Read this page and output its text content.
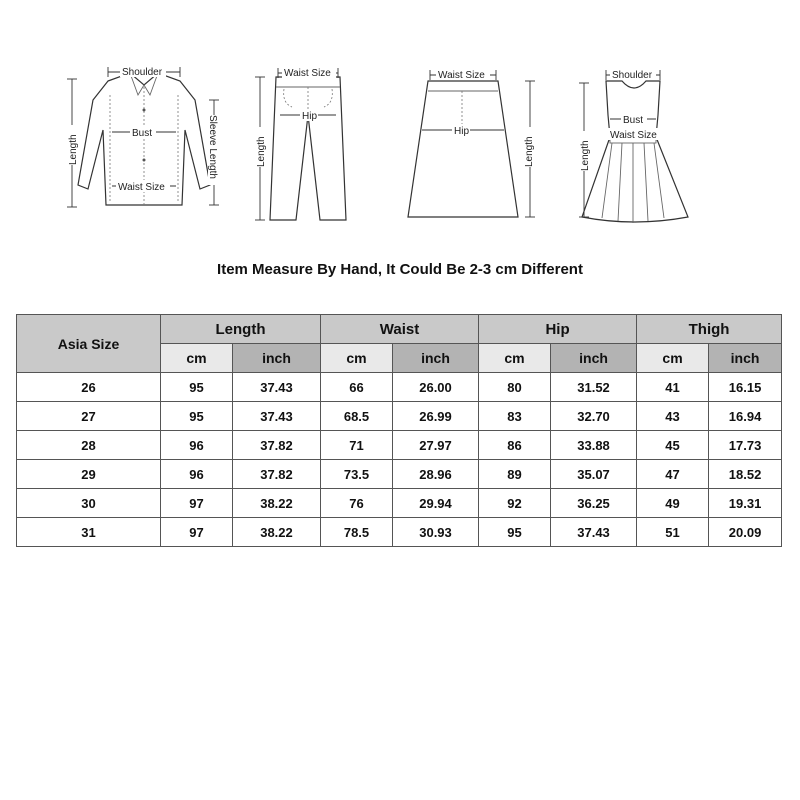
Shoulder
Bust
Waist Size
Length	Sleeve Length
Waist Size
Hip
Length
Waist Size
Hip
Length
Shoulder
Bust
Waist Size
Length
Item Measure By Hand, It Could Be 2-3 cm Different
Asia Size	Length		Waist		Hip		Thigh	
	cm	inch	cm	inch	cm	inch	cm	inch
26	95	37.43	66	26.00	80	31.52	41	16.15
27	95	37.43	68.5	26.99	83	32.70	43	16.94
28	96	37.82	71	27.97	86	33.88	45	17.73
29	96	37.82	73.5	28.96	89	35.07	47	18.52
30	97	38.22	76	29.94	92	36.25	49	19.31
31	97	38.22	78.5	30.93	95	37.43	51	20.09
